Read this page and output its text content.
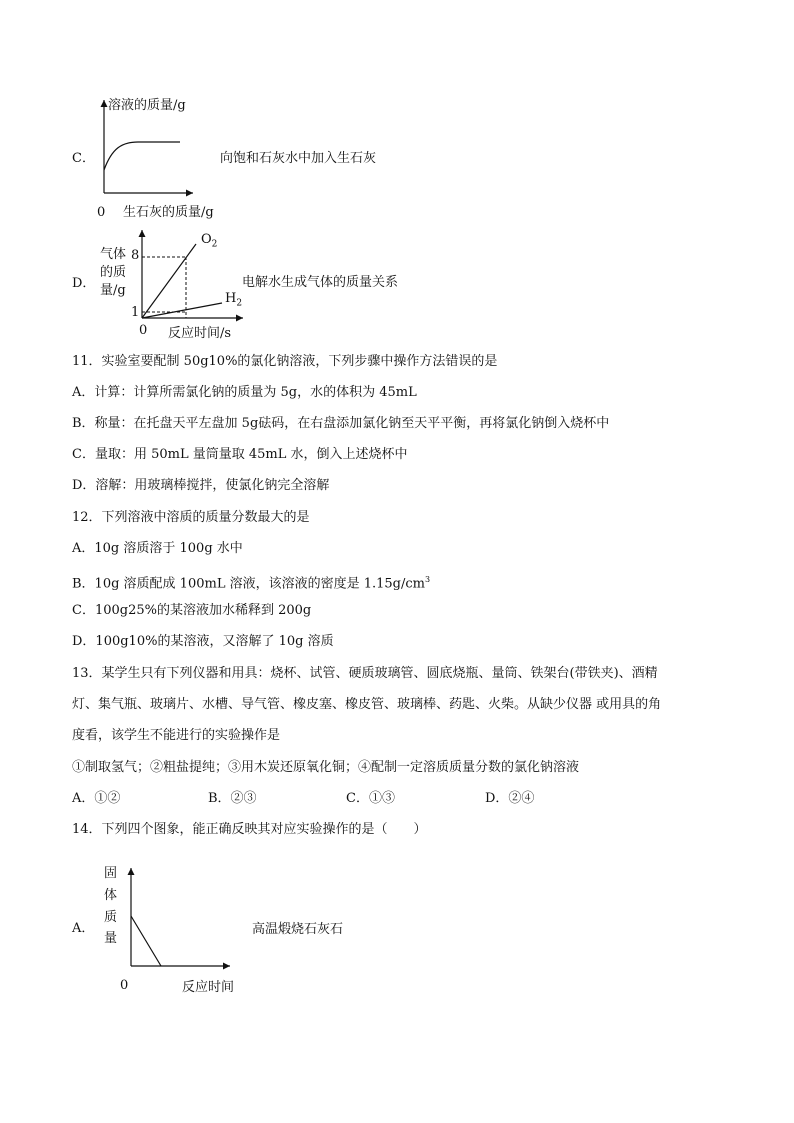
C．
溶液的质量/g
0 生石灰的质量/g
向饱和石灰水中加入生石灰
D．
气体
的质
量/g
8
1
0
$O_2$
$H_2$
反应时间/s
电解水生成气体的质量关系
11．实验室要配制 50g10%的氯化钠溶液，下列步骤中操作方法错误的是
A．计算：计算所需氯化钠的质量为 5g，水的体积为 45mL
B．称量：在托盘天平左盘加 5g砝码，在右盘添加氯化钠至天平平衡，再将氯化钠倒入烧杯中
C．量取：用 50mL 量筒量取 45mL 水，倒入上述烧杯中
D．溶解：用玻璃棒搅拌，使氯化钠完全溶解
12．下列溶液中溶质的质量分数最大的是
A．10g 溶质溶于 100g 水中
B．10g 溶质配成 100mL 溶液，该溶液的密度是 $1.15g/cm^3$
C．100g25%的某溶液加水稀释到 200g
D．100g10%的某溶液，又溶解了 10g 溶质
13．某学生只有下列仪器和用具：烧杯、试管、硬质玻璃管、圆底烧瓶、量筒、铁架台(带铁夹)、酒精
灯、集气瓶、玻璃片、水槽、导气管、橡皮塞、橡皮管、玻璃棒、药匙、火柴。从缺少仪器 或用具的角
度看，该学生不能进行的实验操作是
①制取氢气；②粗盐提纯；③用木炭还原氧化铜；④配制一定溶质质量分数的氯化钠溶液
A．①②	B．②③	C．①③	D．②④
14．下列四个图象，能正确反映其对应实验操作的是（　　）
A．
固
体
质
量
0	反应时间
高温煅烧石灰石
